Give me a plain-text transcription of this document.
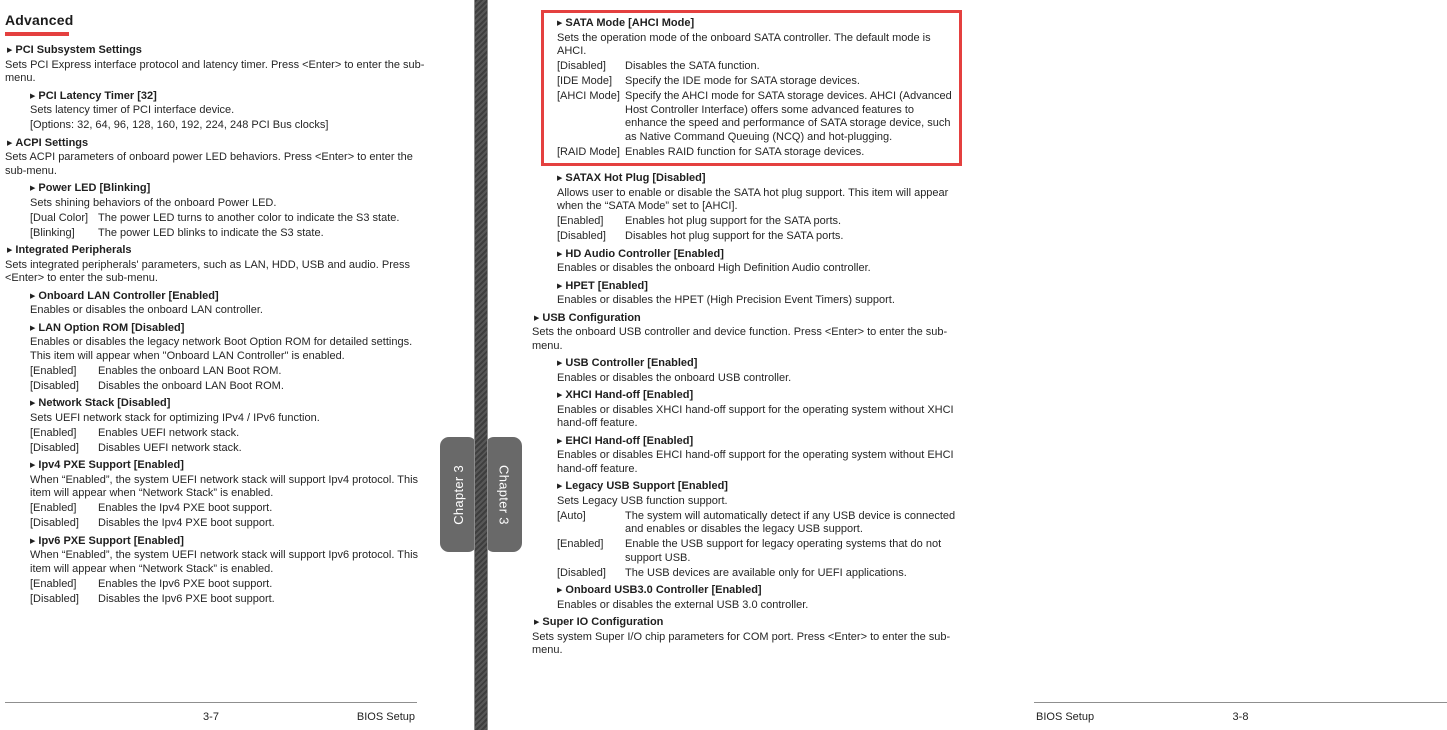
Advanced
▶ PCI Subsystem Settings
Sets PCI Express interface protocol and latency timer. Press <Enter> to enter the sub-menu.
▶ PCI Latency Timer [32]
Sets latency timer of PCI interface device.
[Options: 32, 64, 96, 128, 160, 192, 224, 248 PCI Bus clocks]
▶ ACPI Settings
Sets ACPI parameters of onboard power LED behaviors. Press <Enter> to enter the sub-menu.
▶ Power LED [Blinking]
Sets shining behaviors of the onboard Power LED.
[Dual Color] The power LED turns to another color to indicate the S3 state.
[Blinking]	The power LED blinks to indicate the S3 state.
▶ Integrated Peripherals
Sets integrated peripherals' parameters, such as LAN, HDD, USB and audio. Press <Enter> to enter the sub-menu.
▶ Onboard LAN Controller [Enabled]
Enables or disables the onboard LAN controller.
▶ LAN Option ROM [Disabled]
Enables or disables the legacy network Boot Option ROM for detailed settings. This item will appear when "Onboard LAN Controller" is enabled.
[Enabled]	Enables the onboard LAN Boot ROM.
[Disabled]	Disables the onboard LAN Boot ROM.
▶ Network Stack [Disabled]
Sets UEFI network stack for optimizing IPv4 / IPv6 function.
[Enabled]	Enables UEFI network stack.
[Disabled]	Disables UEFI network stack.
▶ Ipv4 PXE Support [Enabled]
When “Enabled”, the system UEFI network stack will support Ipv4 protocol. This item will appear when “Network Stack” is enabled.
[Enabled]	Enables the Ipv4 PXE boot support.
[Disabled]	Disables the Ipv4 PXE boot support.
▶ Ipv6 PXE Support [Enabled]
When “Enabled”, the system UEFI network stack will support Ipv6 protocol. This item will appear when “Network Stack” is enabled.
[Enabled]	Enables the Ipv6 PXE boot support.
[Disabled]	Disables the Ipv6 PXE boot support.
3-7	BIOS Setup
Chapter 3 Chapter 3
▶ SATA Mode [AHCI Mode]
Sets the operation mode of the onboard SATA controller. The default mode is AHCI.
[Disabled]	Disables the SATA function.
[IDE Mode]	Specify the IDE mode for SATA storage devices.
[AHCI Mode] Specify the AHCI mode for SATA storage devices. AHCI (Advanced Host Controller Interface) offers some advanced features to enhance the speed and performance of SATA storage device, such as Native Command Queuing (NCQ) and hot-plugging.
[RAID Mode] Enables RAID function for SATA storage devices.
▶ SATAX Hot Plug [Disabled]
Allows user to enable or disable the SATA hot plug support. This item will appear when the “SATA Mode” set to [AHCI].
[Enabled]	Enables hot plug support for the SATA ports.
[Disabled]	Disables hot plug support for the SATA ports.
▶ HD Audio Controller [Enabled]
Enables or disables the onboard High Definition Audio controller.
▶ HPET [Enabled]
Enables or disables the HPET (High Precision Event Timers) support.
▶ USB Configuration
Sets the onboard USB controller and device function. Press <Enter> to enter the sub-menu.
▶ USB Controller [Enabled]
Enables or disables the onboard USB controller.
▶ XHCI Hand-off [Enabled]
Enables or disables XHCI hand-off support for the operating system without XHCI hand-off feature.
▶ EHCI Hand-off [Enabled]
Enables or disables EHCI hand-off support for the operating system without EHCI hand-off feature.
▶ Legacy USB Support [Enabled]
Sets Legacy USB function support.
[Auto]	The system will automatically detect if any USB device is connected and enables or disables the legacy USB support.
[Enabled]	Enable the USB support for legacy operating systems that do not support USB.
[Disabled]	The USB devices are available only for UEFI applications.
▶ Onboard USB3.0 Controller [Enabled]
Enables or disables the external USB 3.0 controller.
▶ Super IO Configuration
Sets system Super I/O chip parameters for COM port. Press <Enter> to enter the sub-menu.
BIOS Setup	3-8
